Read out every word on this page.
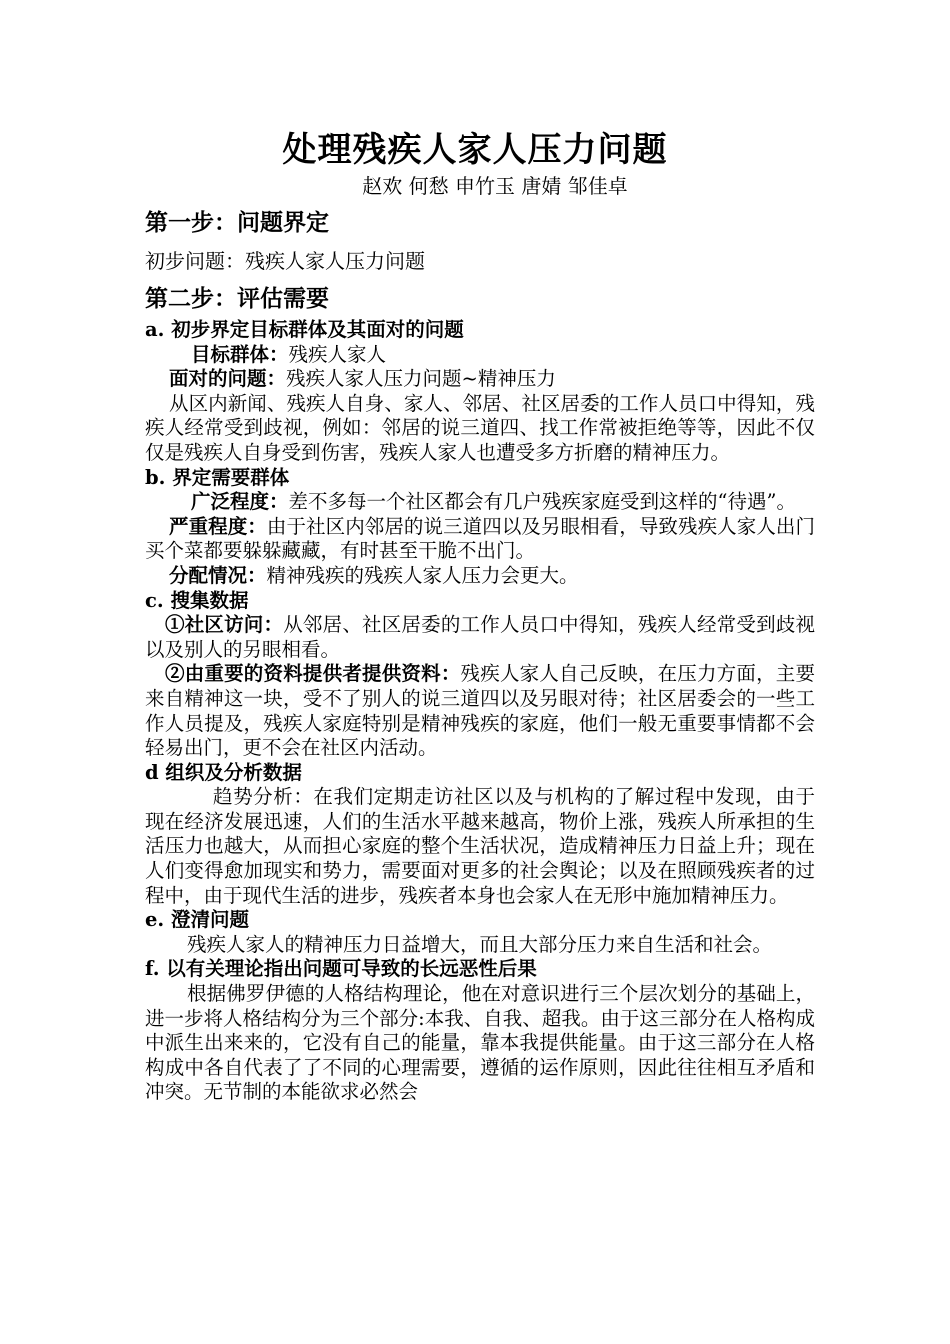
处理残疾人家人压力问题
赵欢 何愁 申竹玉 唐婧 邹佳卓
第一步：问题界定
初步问题：残疾人家人压力问题
第二步：评估需要

a. 初步界定目标群体及其面对的问题

目标群体：残疾人家人

面对的问题：残疾人家人压力问题~精神压力

从区内新闻、残疾人自身、家人、邻居、社区居委的工作人员口中得知，残疾人经常受到歧视，例如：邻居的说三道四、找工作常被拒绝等等，因此不仅仅是残疾人自身受到伤害，残疾人家人也遭受多方折磨的精神压力。

b. 界定需要群体

广泛程度：差不多每一个社区都会有几户残疾家庭受到这样的“待遇”。

严重程度：由于社区内邻居的说三道四以及另眼相看，导致残疾人家人出门买个菜都要躲躲藏藏，有时甚至干脆不出门。

分配情况：精神残疾的残疾人家人压力会更大。

c. 搜集数据

①社区访问：从邻居、社区居委的工作人员口中得知，残疾人经常受到歧视以及别人的另眼相看。

②由重要的资料提供者提供资料：残疾人家人自己反映，在压力方面，主要来自精神这一块，受不了别人的说三道四以及另眼对待；社区居委会的一些工作人员提及，残疾人家庭特别是精神残疾的家庭，他们一般无重要事情都不会轻易出门，更不会在社区内活动。

d 组织及分析数据

趋势分析：在我们定期走访社区以及与机构的了解过程中发现，由于现在经济发展迅速，人们的生活水平越来越高，物价上涨，残疾人所承担的生活压力也越大，从而担心家庭的整个生活状况，造成精神压力日益上升；现在人们变得愈加现实和势力，需要面对更多的社会舆论；以及在照顾残疾者的过程中，由于现代生活的进步，残疾者本身也会家人在无形中施加精神压力。

e. 澄清问题

残疾人家人的精神压力日益增大，而且大部分压力来自生活和社会。

f. 以有关理论指出问题可导致的长远恶性后果

根据佛罗伊德的人格结构理论，他在对意识进行三个层次划分的基础上，进一步将人格结构分为三个部分:本我、自我、超我。由于这三部分在人格构成中派生出来来的，它没有自己的能量，靠本我提供能量。由于这三部分在人格构成中各自代表了了不同的心理需要，遵循的运作原则，因此往往相互矛盾和冲突。无节制的本能欲求必然会
